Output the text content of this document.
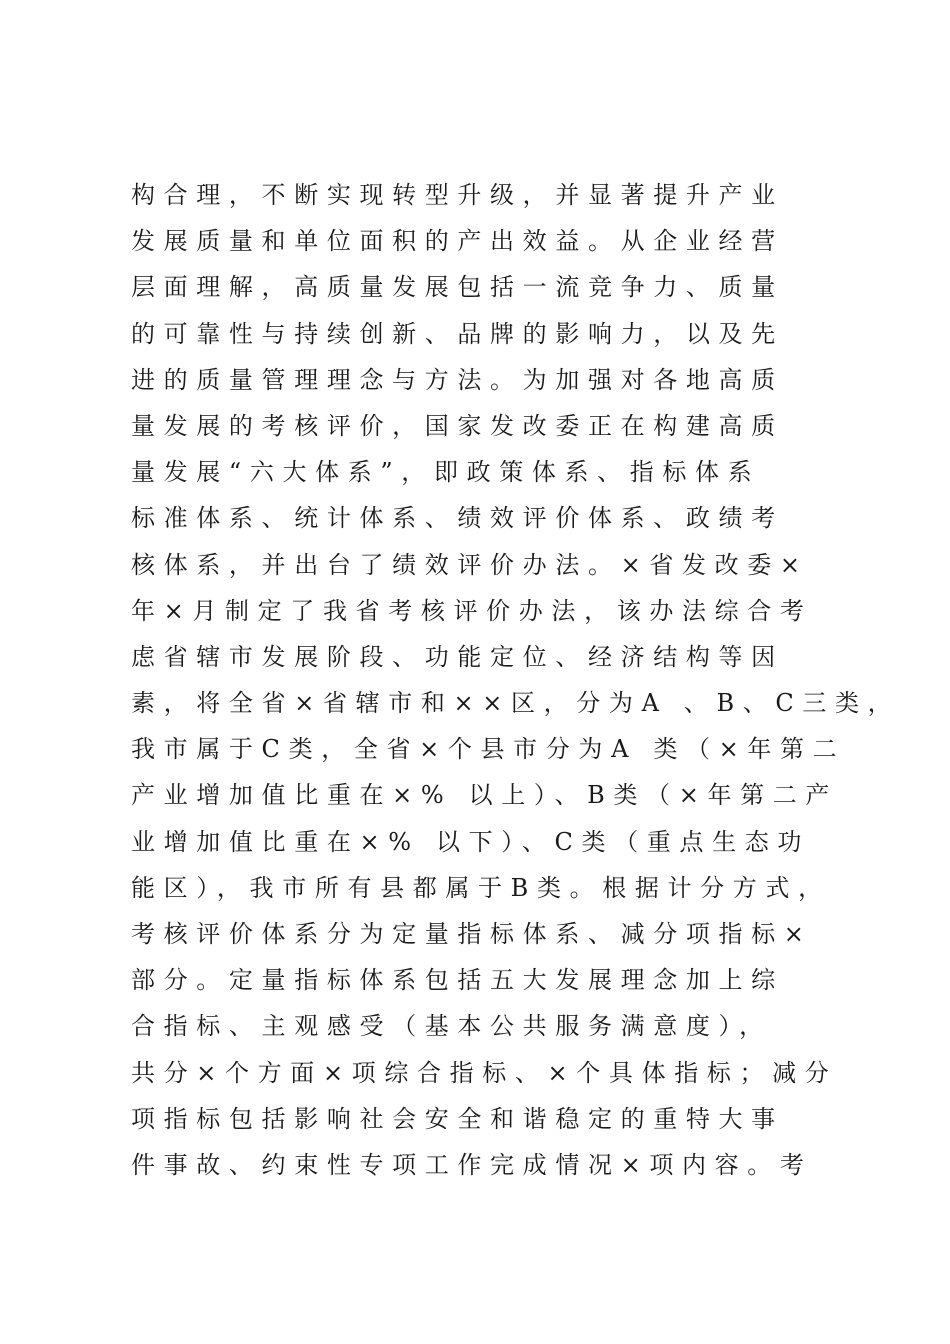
构合理，不断实现转型升级，并显著提升产业
发展质量和单位面积的产出效益。从企业经营
层面理解，高质量发展包括一流竞争力、质量
的可靠性与持续创新、品牌的影响力，以及先
进的质量管理理念与方法。为加强对各地高质
量发展的考核评价，国家发改委正在构建高质
量发展“六大体系”，即政策体系、指标体系
标准体系、统计体系、绩效评价体系、政绩考
核体系，并出台了绩效评价办法。×省发改委×
年×月制定了我省考核评价办法，该办法综合考
虑省辖市发展阶段、功能定位、经济结构等因
素，将全省×省辖市和××区，分为A 、B、C三类，
我市属于C类，全省×个县市分为A 类（×年第二
产业增加值比重在×% 以上）、B类（×年第二产
业增加值比重在×% 以下）、C类（重点生态功
能区），我市所有县都属于B类。根据计分方式，
考核评价体系分为定量指标体系、减分项指标×
部分。定量指标体系包括五大发展理念加上综
合指标、主观感受（基本公共服务满意度），
共分×个方面×项综合指标、×个具体指标；减分
项指标包括影响社会安全和谐稳定的重特大事
件事故、约束性专项工作完成情况×项内容。考
